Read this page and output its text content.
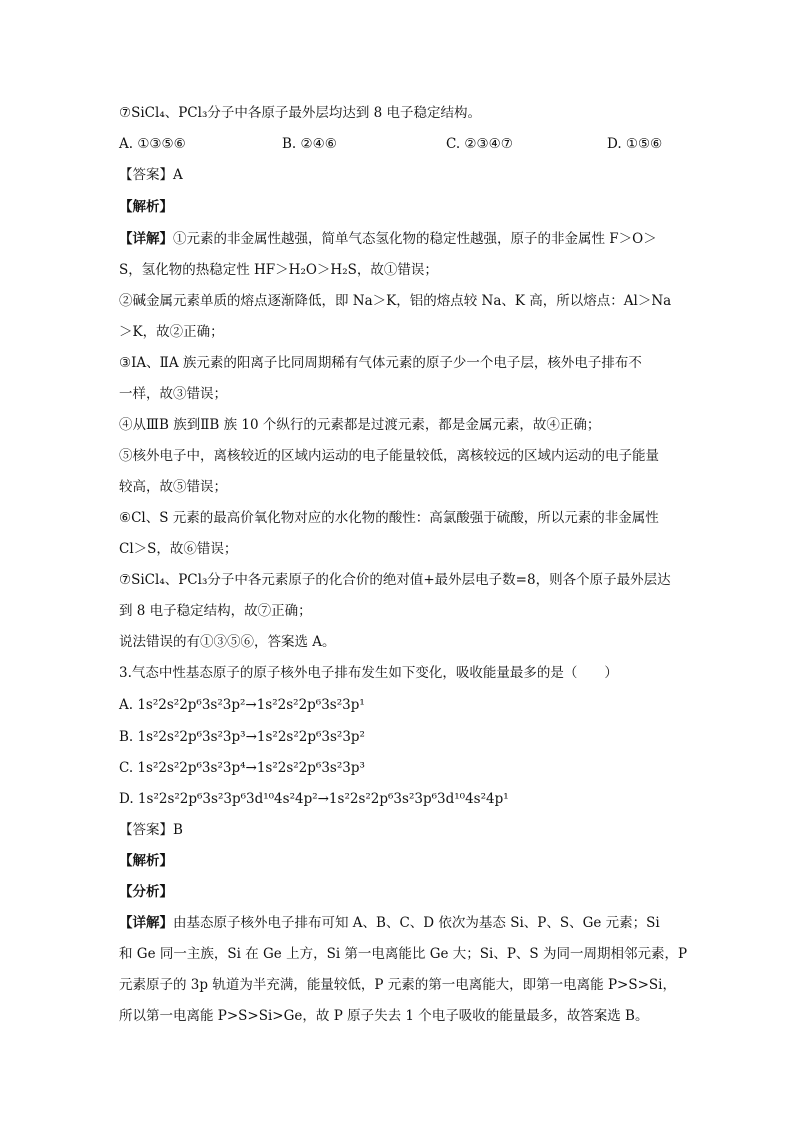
⑦SiCl₄、PCl₃分子中各原子最外层均达到 8 电子稳定结构。
A. ①③⑤⑥	B. ②④⑥	C. ②③④⑦	D. ①⑤⑥
【答案】A
【解析】
【详解】①元素的非金属性越强，简单气态氢化物的稳定性越强，原子的非金属性 F＞O＞
S，氢化物的热稳定性 HF＞H₂O＞H₂S，故①错误；
②碱金属元素单质的熔点逐渐降低，即 Na＞K，铝的熔点较 Na、K 高，所以熔点：Al＞Na
＞K，故②正确；
③ⅠA、ⅡA 族元素的阳离子比同周期稀有气体元素的原子少一个电子层，核外电子排布不
一样，故③错误；
④从ⅢB 族到ⅡB 族 10 个纵行的元素都是过渡元素，都是金属元素，故④正确；
⑤核外电子中，离核较近的区域内运动的电子能量较低，离核较远的区域内运动的电子能量
较高，故⑤错误；
⑥Cl、S 元素的最高价氧化物对应的水化物的酸性：高氯酸强于硫酸，所以元素的非金属性
Cl＞S，故⑥错误；
⑦SiCl₄、PCl₃分子中各元素原子的化合价的绝对值+最外层电子数=8，则各个原子最外层达
到 8 电子稳定结构，故⑦正确；
说法错误的有①③⑤⑥，答案选 A。
3.气态中性基态原子的原子核外电子排布发生如下变化，吸收能量最多的是（　　）
A. 1s²2s²2p⁶3s²3p²→1s²2s²2p⁶3s²3p¹
B. 1s²2s²2p⁶3s²3p³→1s²2s²2p⁶3s²3p²
C. 1s²2s²2p⁶3s²3p⁴→1s²2s²2p⁶3s²3p³
D. 1s²2s²2p⁶3s²3p⁶3d¹⁰4s²4p²→1s²2s²2p⁶3s²3p⁶3d¹⁰4s²4p¹
【答案】B
【解析】
【分析】
【详解】由基态原子核外电子排布可知 A、B、C、D 依次为基态 Si、P、S、Ge 元素；Si
和 Ge 同一主族，Si 在 Ge 上方，Si 第一电离能比 Ge 大；Si、P、S 为同一周期相邻元素，P
元素原子的 3p 轨道为半充满，能量较低，P 元素的第一电离能大，即第一电离能 P>S>Si，
所以第一电离能 P>S>Si>Ge，故 P 原子失去 1 个电子吸收的能量最多，故答案选 B。
